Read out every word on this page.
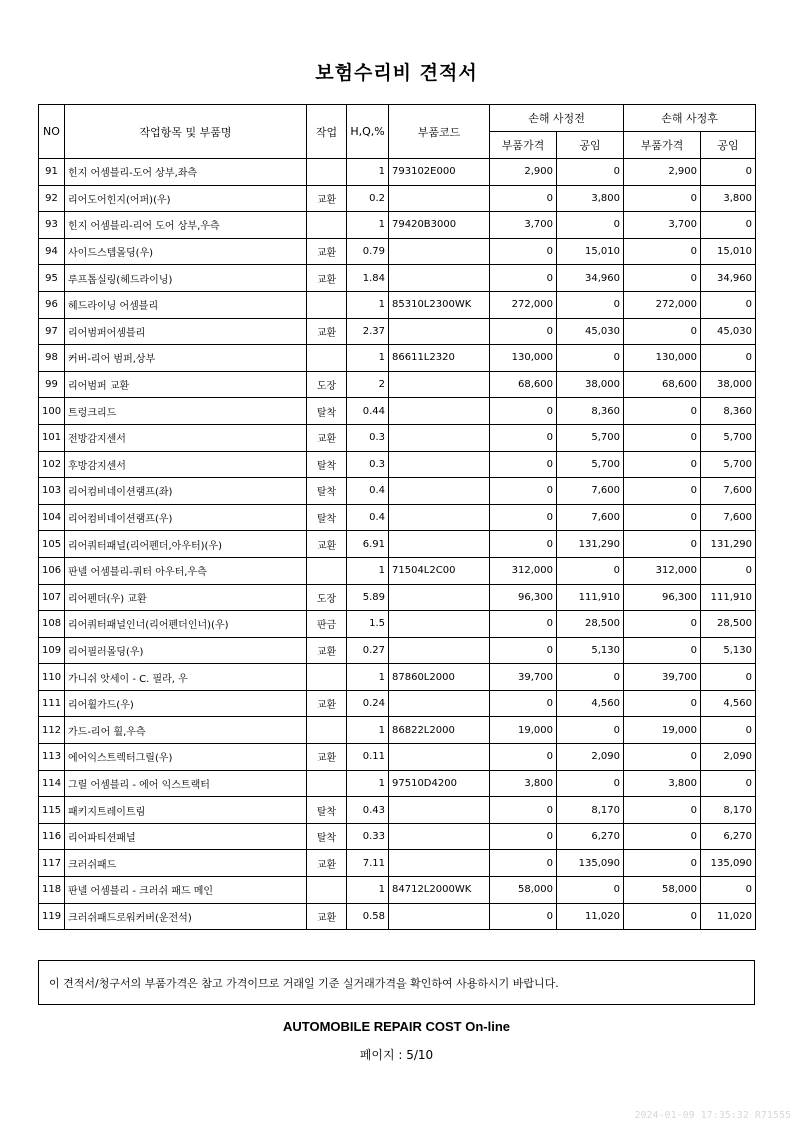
보험수리비 견적서
NO	작업항목 및 부품명	작업	H,Q,%	부품코드	손해 사정전		손해 사정후	
					부품가격	공임	부품가격	공임
91	힌지 어셈블리-도어 상부,좌측		1	793102E000	2,900	0	2,900	0
92	리어도어힌지(어퍼)(우)	교환	0.2		0	3,800	0	3,800
93	힌지 어셈블리-리어 도어 상부,우측		1	79420B3000	3,700	0	3,700	0
94	사이드스텝몰딩(우)	교환	0.79		0	15,010	0	15,010
95	루프톱실링(헤드라이닝)	교환	1.84		0	34,960	0	34,960
96	헤드라이닝 어셈블리		1	85310L2300WK	272,000	0	272,000	0
97	리어범퍼어셈블리	교환	2.37		0	45,030	0	45,030
98	커버-리어 범퍼,상부		1	86611L2320	130,000	0	130,000	0
99	리어범퍼 교환	도장	2		68,600	38,000	68,600	38,000
100	트렁크리드	탈착	0.44		0	8,360	0	8,360
101	전방감지센서	교환	0.3		0	5,700	0	5,700
102	후방감지센서	탈착	0.3		0	5,700	0	5,700
103	리어컴비네이션램프(좌)	탈착	0.4		0	7,600	0	7,600
104	리어컴비네이션램프(우)	탈착	0.4		0	7,600	0	7,600
105	리어쿼터패널(리어펜더,아우터)(우)	교환	6.91		0	131,290	0	131,290
106	판넬 어셈블리-쿼터 아우터,우측		1	71504L2C00	312,000	0	312,000	0
107	리어펜더(우) 교환	도장	5.89		96,300	111,910	96,300	111,910
108	리어쿼터패널인너(리어펜더인너)(우)	판금	1.5		0	28,500	0	28,500
109	리어필러몰딩(우)	교환	0.27		0	5,130	0	5,130
110	가니쉬 앗세이 - C. 필라, 우		1	87860L2000	39,700	0	39,700	0
111	리어휠가드(우)	교환	0.24		0	4,560	0	4,560
112	가드-리어 휠,우측		1	86822L2000	19,000	0	19,000	0
113	에어익스트렉터그릴(우)	교환	0.11		0	2,090	0	2,090
114	그릴 어셈블리 - 에어 익스트랙터		1	97510D4200	3,800	0	3,800	0
115	패키지트레이트림	탈착	0.43		0	8,170	0	8,170
116	리어파티션패널	탈착	0.33		0	6,270	0	6,270
117	크러쉬패드	교환	7.11		0	135,090	0	135,090
118	판넬 어셈블리 - 크러쉬 패드 메인		1	84712L2000WK	58,000	0	58,000	0
119	크러쉬패드로워커버(운전석)	교환	0.58		0	11,020	0	11,020
이 견적서/청구서의 부품가격은 참고 가격이므로 거래일 기준 실거래가격을 확인하여 사용하시기 바랍니다.
AUTOMOBILE REPAIR COST On-line
페이지 : 5/10
2024-01-09 17:35:32 R71555
